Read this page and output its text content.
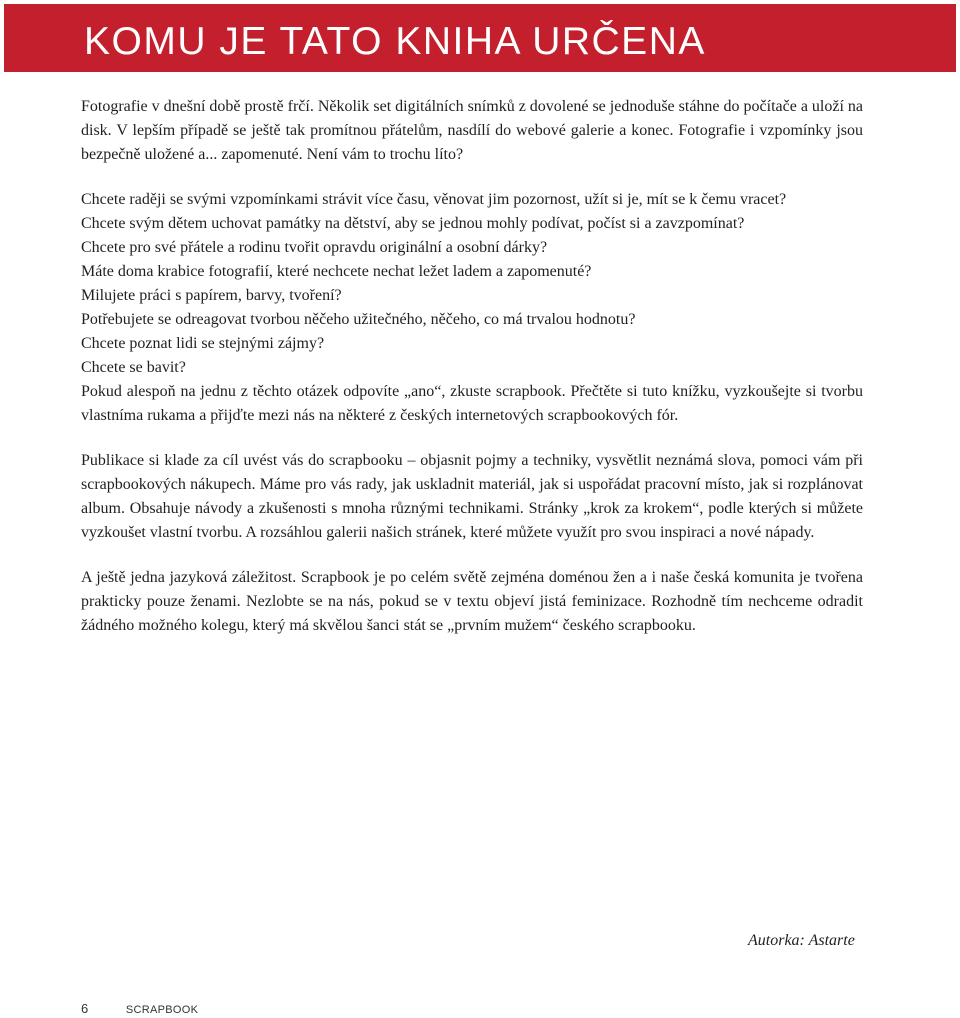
KOMU JE TATO KNIHA URČENA

Fotografie v dnešní době prostě frčí. Několik set digitálních snímků z dovolené se jednoduše stáhne do počítače a uloží na disk. V lepším případě se ještě tak promítnou přátelům, nasdílí do webové galerie a konec. Fotografie i vzpomínky jsou bezpečně uložené a... zapomenuté. Není vám to trochu líto?

Chcete raději se svými vzpomínkami strávit více času, věnovat jim pozornost, užít si je, mít se k čemu vracet?
Chcete svým dětem uchovat památky na dětství, aby se jednou mohly podívat, počíst si a zavzpomínat?
Chcete pro své přátele a rodinu tvořit opravdu originální a osobní dárky?
Máte doma krabice fotografií, které nechcete nechat ležet ladem a zapomenuté?
Milujete práci s papírem, barvy, tvoření?
Potřebujete se odreagovat tvorbou něčeho užitečného, něčeho, co má trvalou hodnotu?
Chcete poznat lidi se stejnými zájmy?
Chcete se bavit?

Pokud alespoň na jednu z těchto otázek odpovíte „ano“, zkuste scrapbook. Přečtěte si tuto knížku, vyzkoušejte si tvorbu vlastníma rukama a přijďte mezi nás na některé z českých internetových scrapbookových fór.

Publikace si klade za cíl uvést vás do scrapbooku – objasnit pojmy a techniky, vysvětlit neznámá slova, pomoci vám při scrapbookových nákupech. Máme pro vás rady, jak uskladnit materiál, jak si uspořádat pracovní místo, jak si rozplánovat album. Obsahuje návody a zkušenosti s mnoha různými technikami. Stránky „krok za krokem“, podle kterých si můžete vyzkoušet vlastní tvorbu. A rozsáhlou galerii našich stránek, které můžete využít pro svou inspiraci a nové nápady.

A ještě jedna jazyková záležitost. Scrapbook je po celém světě zejména doménou žen a i naše česká komunita je tvořena prakticky pouze ženami. Nezlobte se na nás, pokud se v textu objeví jistá feminizace. Rozhodně tím nechceme odradit žádného možného kolegu, který má skvělou šanci stát se „prvním mužem“ českého scrapbooku.

Autorka: Astarte
6	SCRAPBOOK
